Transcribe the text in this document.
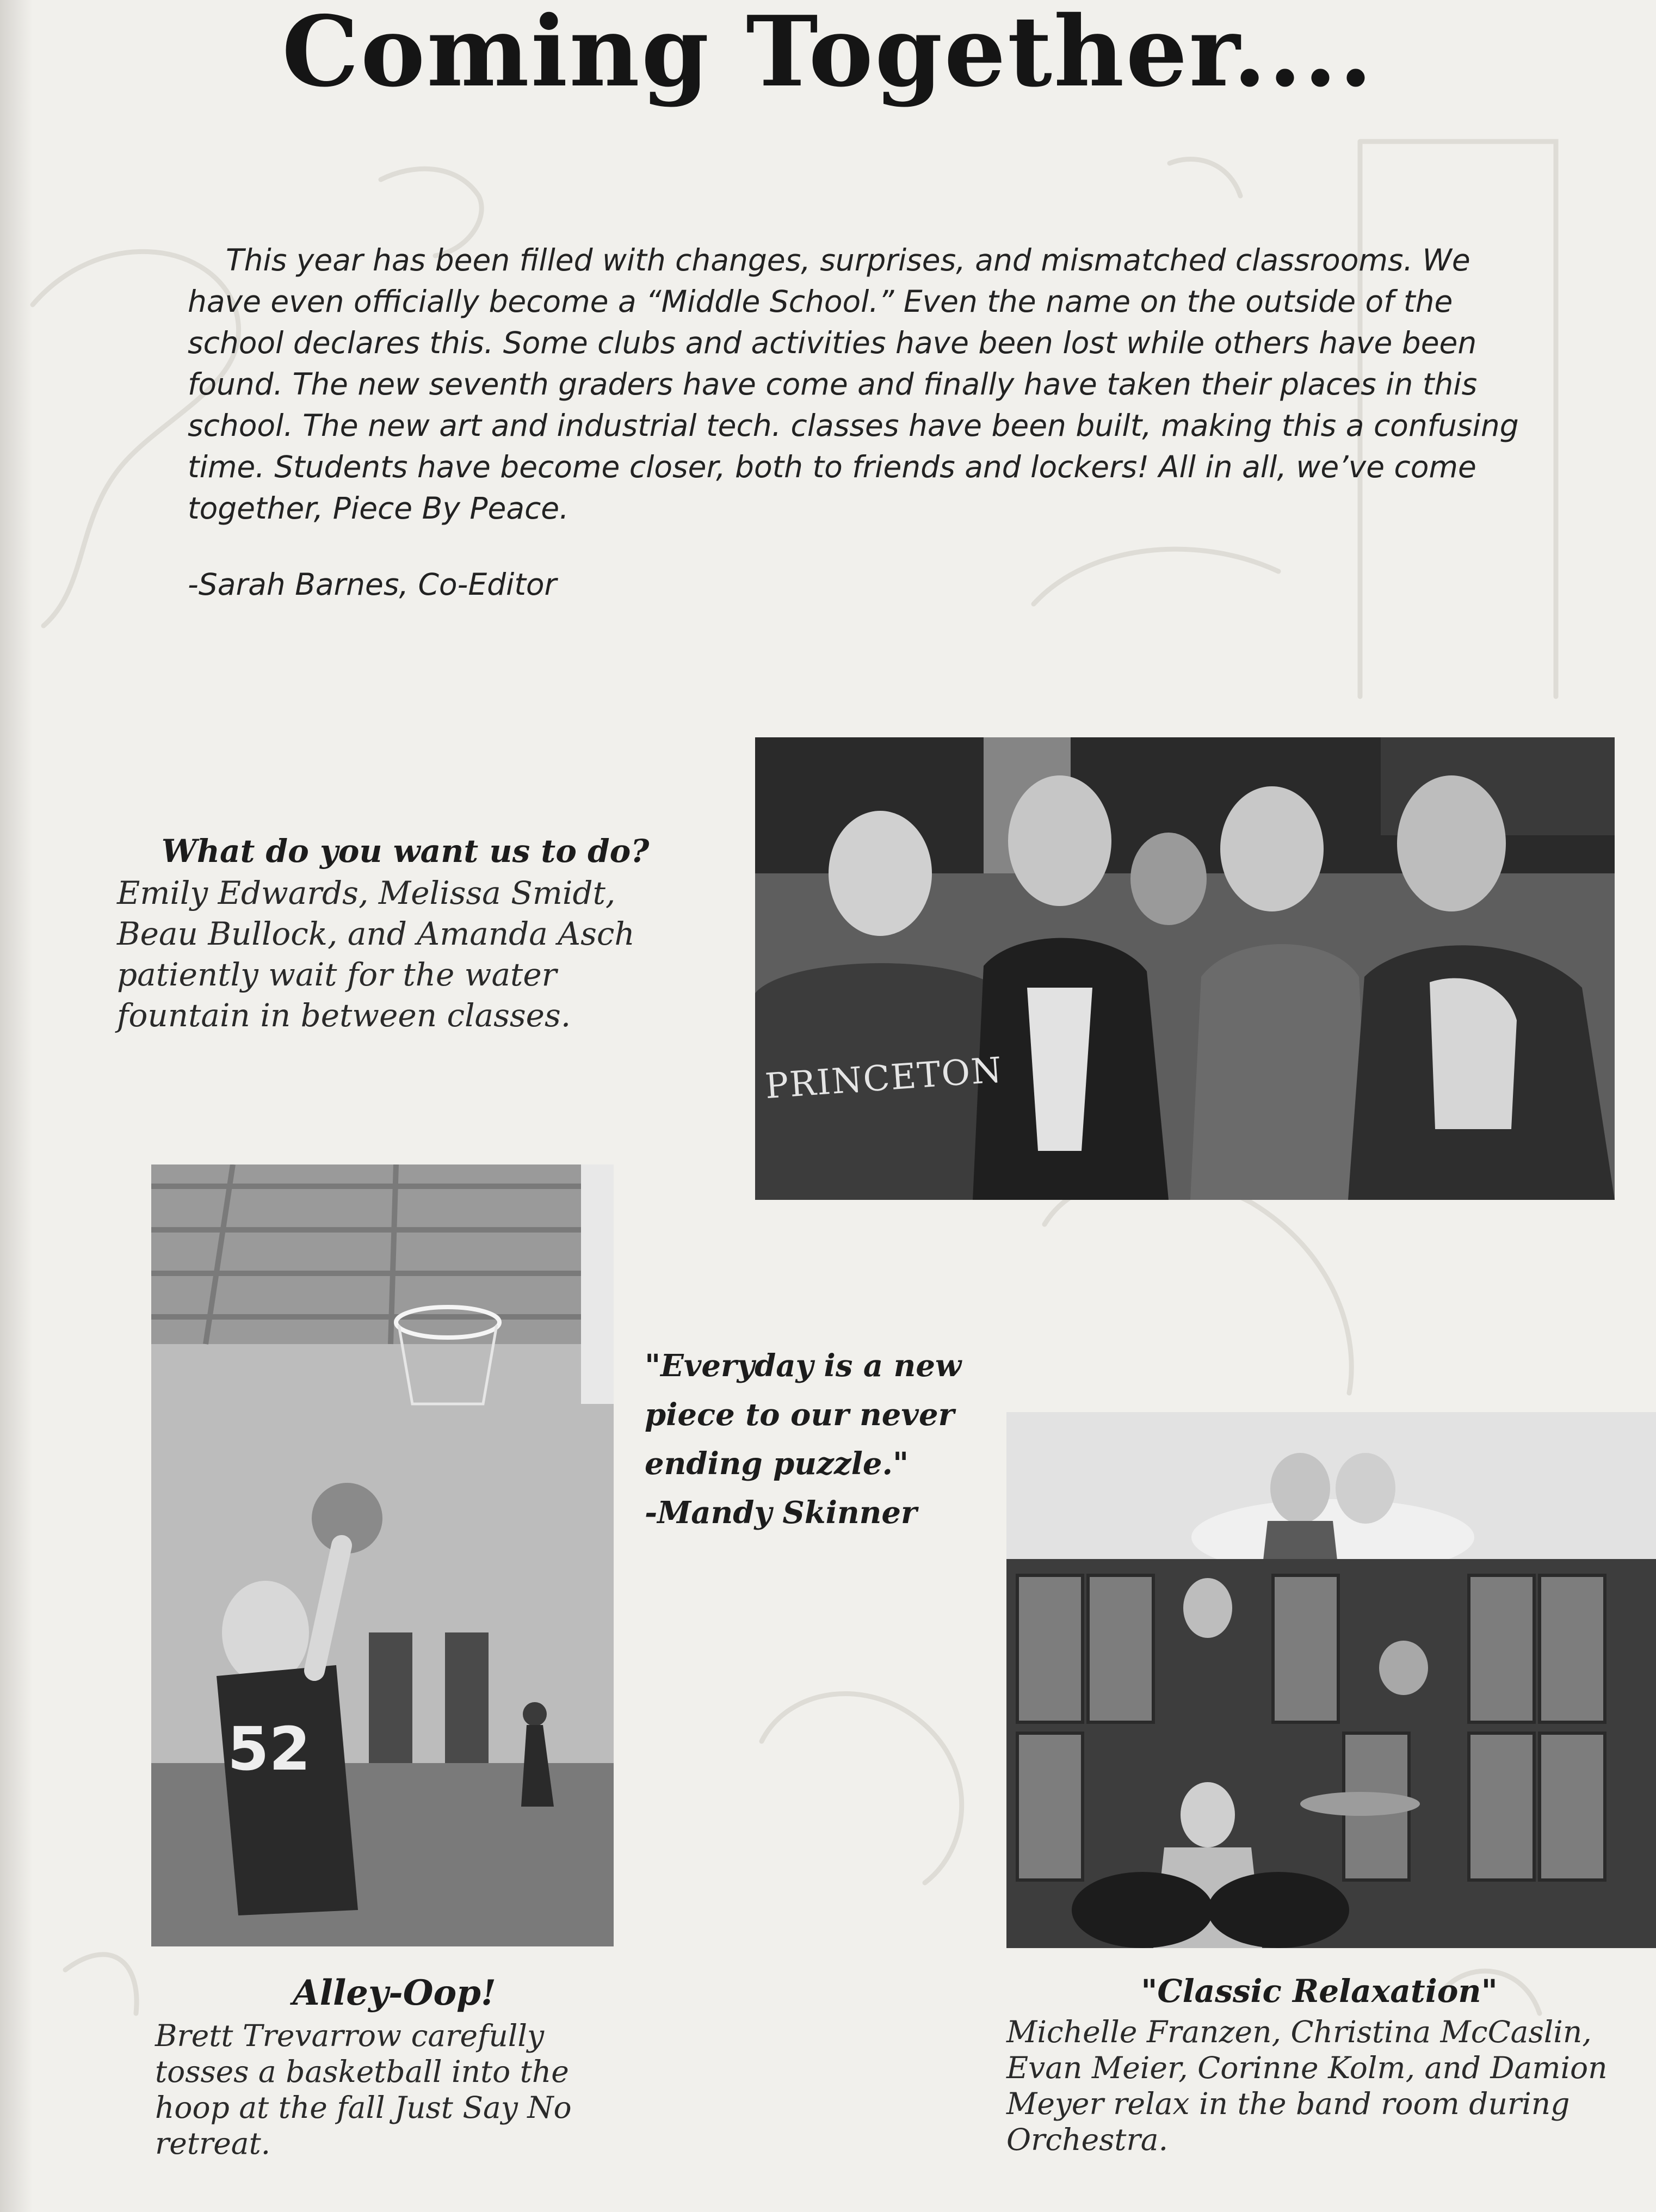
Coming Together....
This year has been filled with changes, surprises, and mismatched classrooms. We have even officially become a “Middle School.” Even the name on the outside of the school declares this. Some clubs and activities have been lost while others have been found. The new seventh graders have come and finally have taken their places in this school. The new art and industrial tech. classes have been built, making this a confusing time. Students have become closer, both to friends and lockers! All in all, we’ve come together, Piece By Peace.
-Sarah Barnes, Co-Editor
PRINCETON
What do you want us to do?
Emily Edwards, Melissa Smidt, Beau Bullock, and Amanda Asch patiently wait for the water fountain in between classes.
52
"Everyday is a new
piece to our never
ending puzzle."
-Mandy Skinner
Alley-Oop!
Brett Trevarrow carefully tosses a basketball into the hoop at the fall Just Say No retreat.
"Classic Relaxation"
Michelle Franzen, Christina McCaslin, Evan Meier, Corinne Kolm, and Damion Meyer relax in the band room during Orchestra.
